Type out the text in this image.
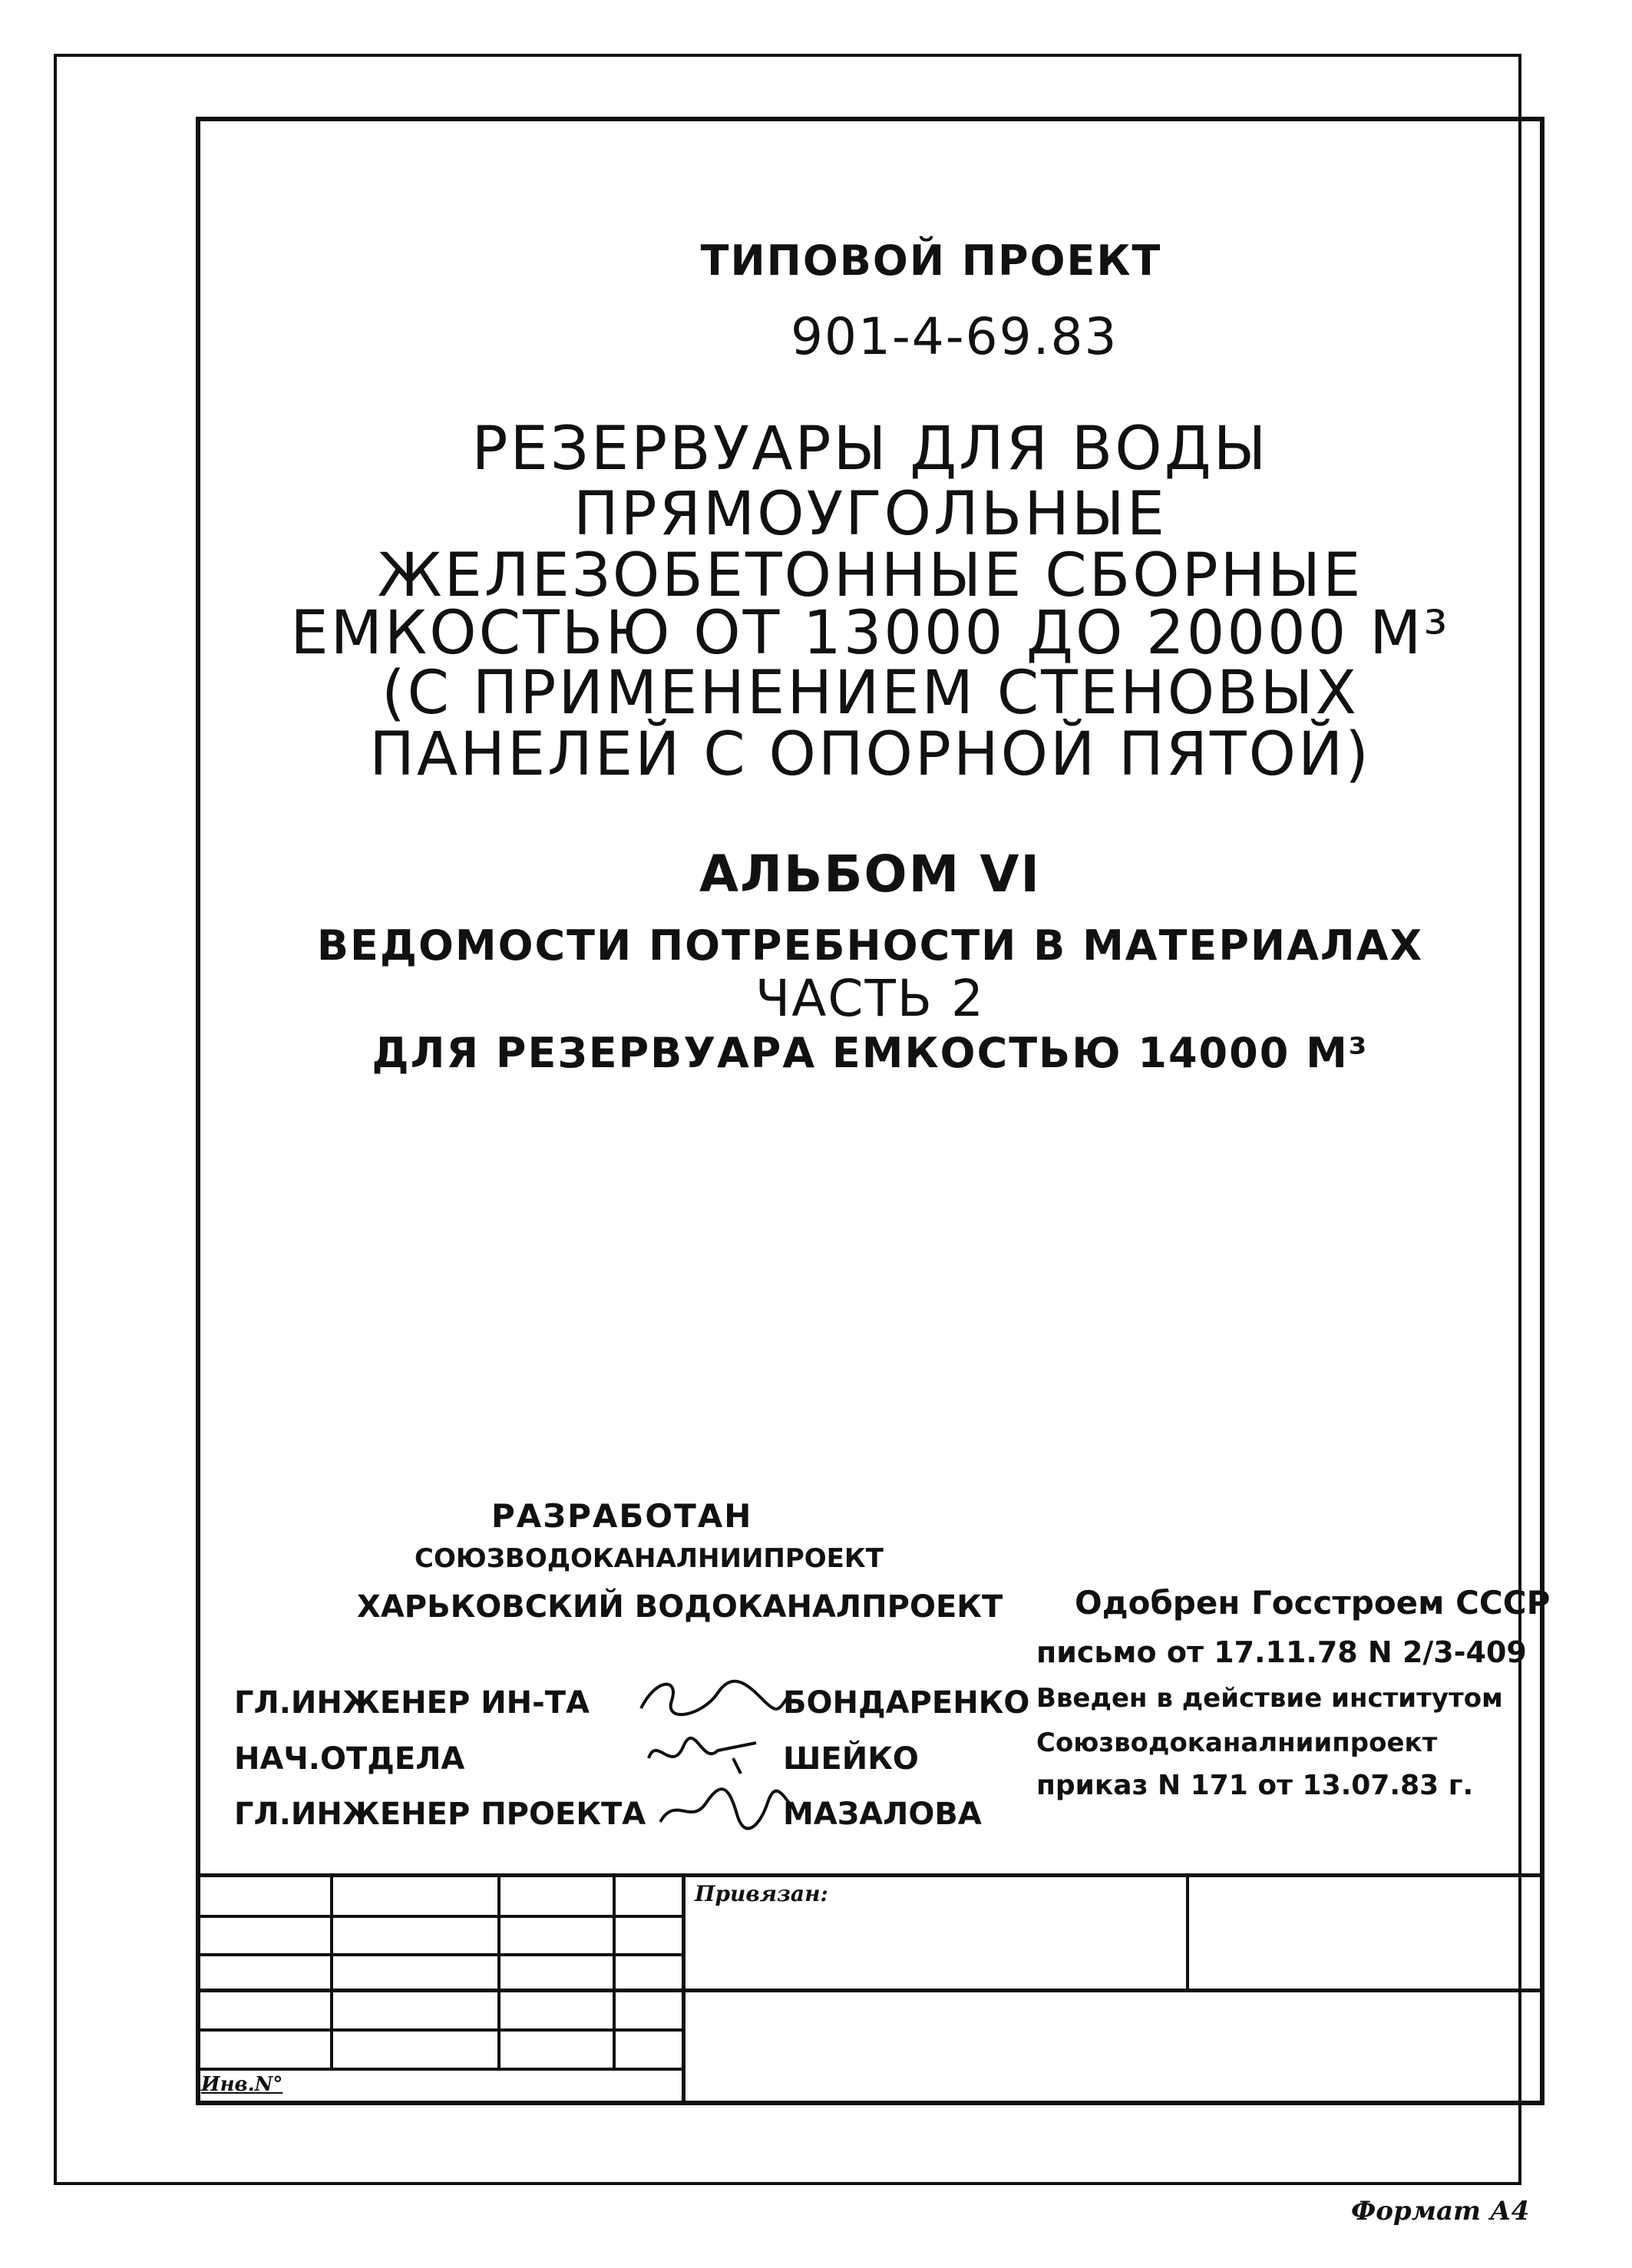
ТИПОВОЙ ПРОЕКТ
901-4-69.83
РЕЗЕРВУАРЫ ДЛЯ ВОДЫ
ПРЯМОУГОЛЬНЫЕ
ЖЕЛЕЗОБЕТОННЫЕ СБОРНЫЕ
ЕМКОСТЬЮ ОТ 13000 ДО 20000 М³
(С ПРИМЕНЕНИЕМ СТЕНОВЫХ
ПАНЕЛЕЙ С ОПОРНОЙ ПЯТОЙ)
АЛЬБОМ VI
ВЕДОМОСТИ ПОТРЕБНОСТИ В МАТЕРИАЛАХ
ЧАСТЬ 2
ДЛЯ РЕЗЕРВУАРА ЕМКОСТЬЮ 14000 М³
РАЗРАБОТАН
СОЮЗВОДОКАНАЛНИИПРОЕКТ
ХАРЬКОВСКИЙ ВОДОКАНАЛПРОЕКТ
ГЛ.ИНЖЕНЕР ИН-ТА	БОНДАРЕНКО
НАЧ.ОТДЕЛА	ШЕЙКО
ГЛ.ИНЖЕНЕР ПРОЕКТА	МАЗАЛОВА
Одобрен Госстроем СССР
письмо от 17.11.78 N 2/3-409
Введен в действие институтом
Союзводоканалниипроект
приказ N 171 от 13.07.83 г.
Привязан:
Инв.N°
Формат А4
